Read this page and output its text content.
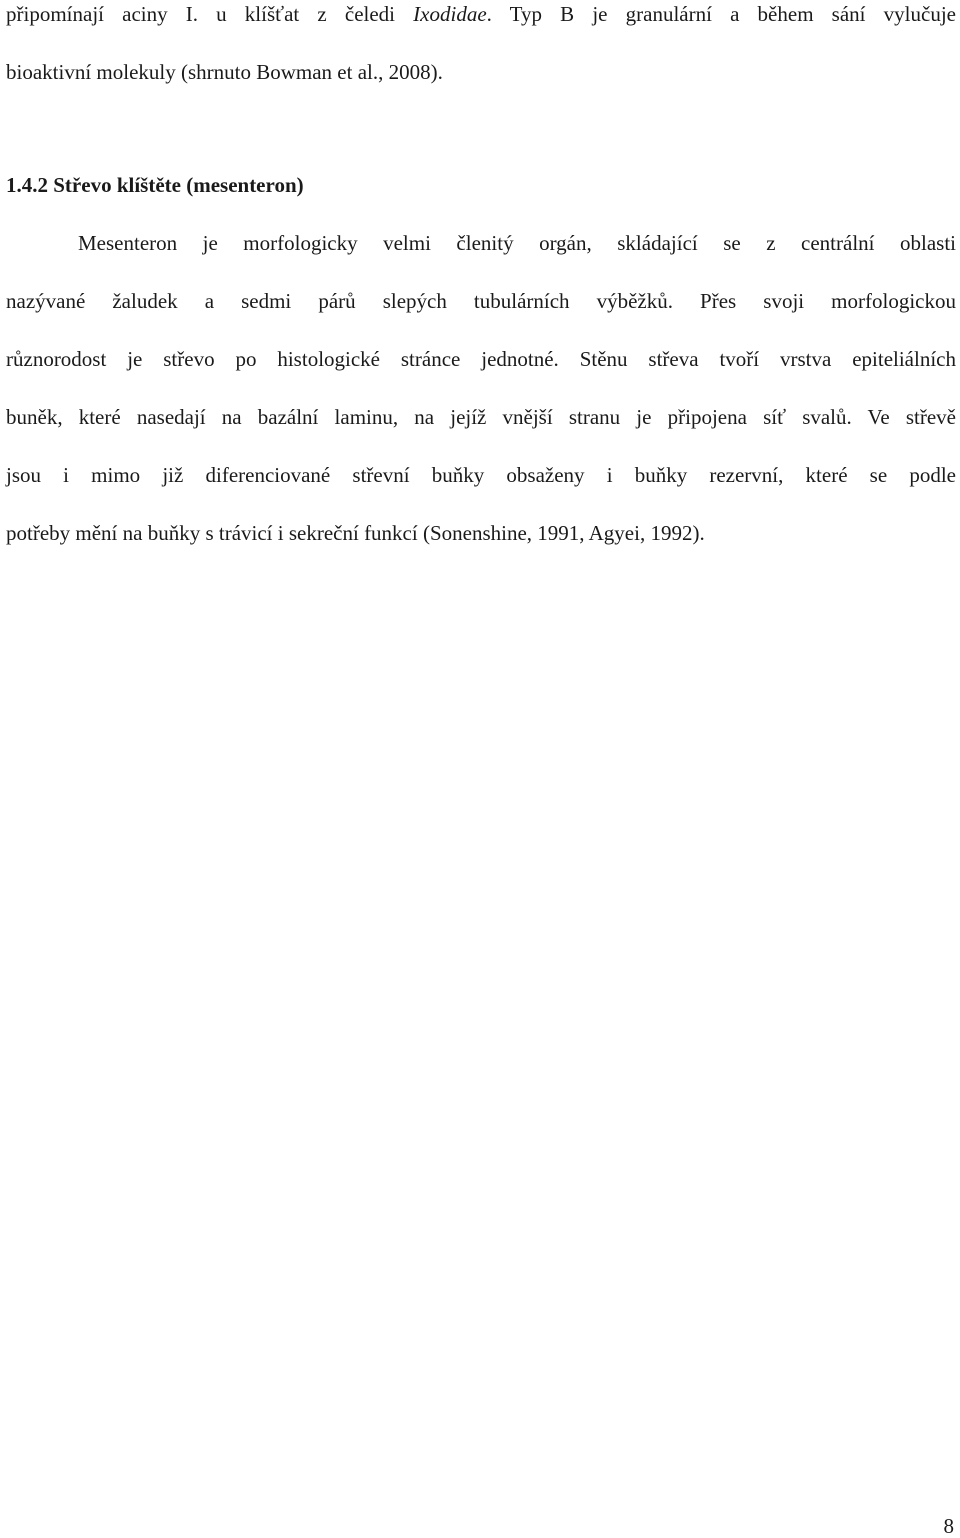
připomínají aciny I. u klíšťat z čeledi Ixodidae. Typ B je granulární a během sání vylučuje
bioaktivní molekuly (shrnuto Bowman et al., 2008).
1.4.2 Střevo klíštěte (mesenteron)
Mesenteron je morfologicky velmi členitý orgán, skládající se z centrální oblasti
nazývané žaludek a sedmi párů slepých tubulárních výběžků. Přes svoji morfologickou
různorodost je střevo po histologické stránce jednotné. Stěnu střeva tvoří vrstva epiteliálních
buněk, které nasedají na bazální laminu, na jejíž vnější stranu je připojena síť svalů. Ve střevě
jsou i mimo již diferenciované střevní buňky obsaženy i buňky rezervní, které se podle
potřeby mění na buňky s trávicí i sekreční funkcí (Sonenshine, 1991, Agyei, 1992).
8
